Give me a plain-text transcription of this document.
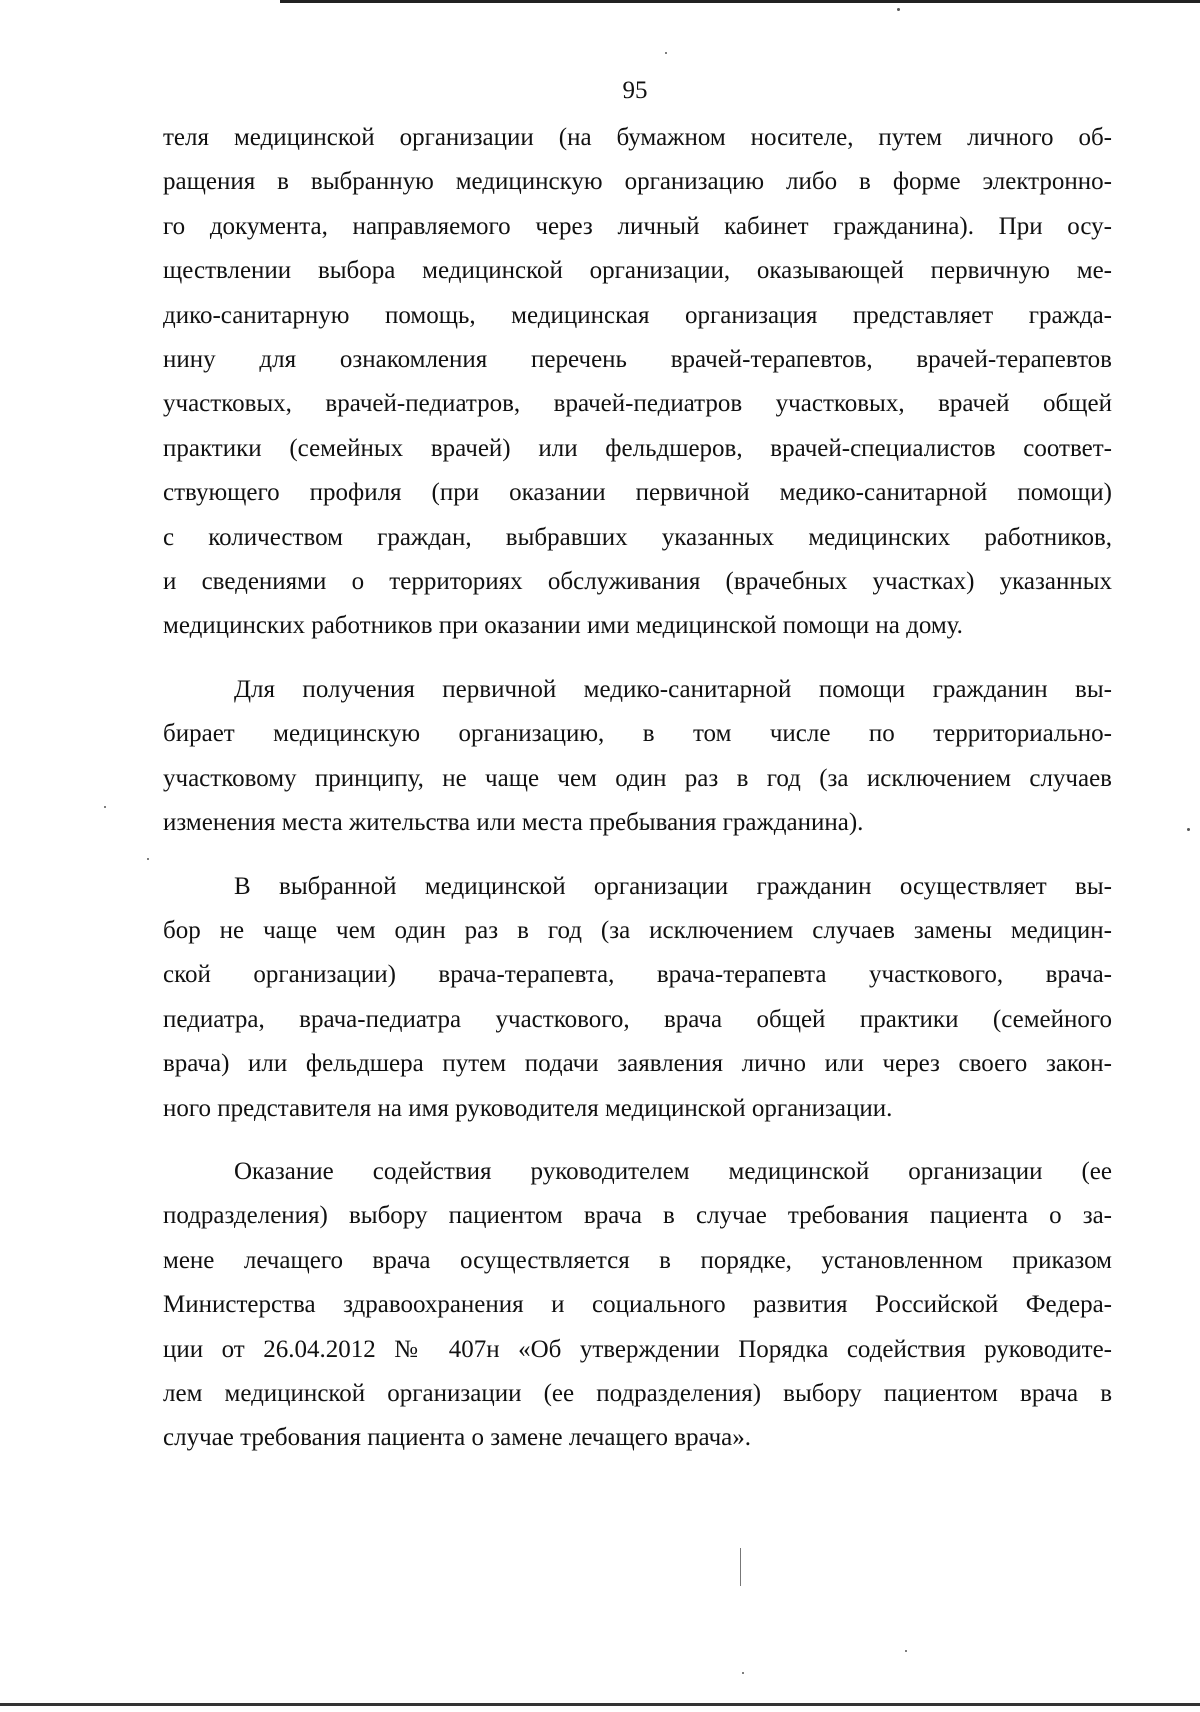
95

теля медицинской организации (на бумажном носителе, путем личного об-
ращения в выбранную медицинскую организацию либо в форме электронно-
го документа, направляемого через личный кабинет гражданина). При осу-
ществлении выбора медицинской организации, оказывающей первичную ме-
дико-санитарную помощь, медицинская организация представляет гражда-
нину для ознакомления перечень врачей-терапевтов, врачей-терапевтов
участковых, врачей-педиатров, врачей-педиатров участковых, врачей общей
практики (семейных врачей) или фельдшеров, врачей-специалистов соответ-
ствующего профиля (при оказании первичной медико-санитарной помощи)
с количеством граждан, выбравших указанных медицинских работников,
и сведениями о территориях обслуживания (врачебных участках) указанных
медицинских работников при оказании ими медицинской помощи на дому.

Для получения первичной медико-санитарной помощи гражданин вы-
бирает медицинскую организацию, в том числе по территориально-
участковому принципу, не чаще чем один раз в год (за исключением случаев
изменения места жительства или места пребывания гражданина).

В выбранной медицинской организации гражданин осуществляет вы-
бор не чаще чем один раз в год (за исключением случаев замены медицин-
ской организации) врача-терапевта, врача-терапевта участкового, врача-
педиатра, врача-педиатра участкового, врача общей практики (семейного
врача) или фельдшера путем подачи заявления лично или через своего закон-
ного представителя на имя руководителя медицинской организации.

Оказание содействия руководителем медицинской организации (ее
подразделения) выбору пациентом врача в случае требования пациента о за-
мене лечащего врача осуществляется в порядке, установленном приказом
Министерства здравоохранения и социального развития Российской Федера-
ции от 26.04.2012 № 407н «Об утверждении Порядка содействия руководите-
лем медицинской организации (ее подразделения) выбору пациентом врача в
случае требования пациента о замене лечащего врача».
